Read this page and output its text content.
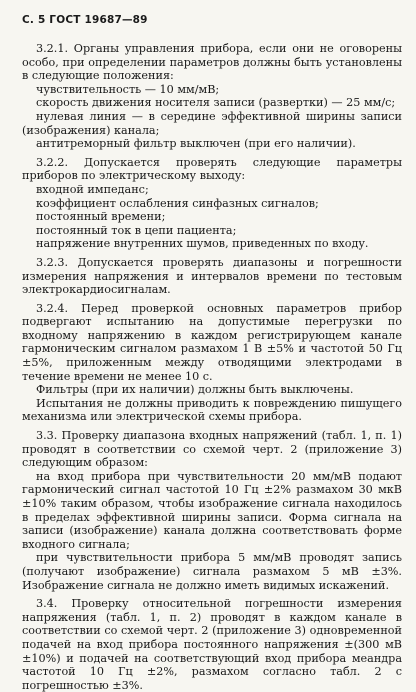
С. 5 ГОСТ 19687—89

3.2.1. Органы управления прибора, если они не оговорены особо, при определении параметров должны быть установлены в следующие положения:

чувствительность — 10 мм/мВ;

скорость движения носителя записи (развертки) — 25 мм/с;

нулевая линия — в середине эффективной ширины записи (изображения) канала;

антитреморный фильтр выключен (при его наличии).

3.2.2. Допускается проверять следующие параметры приборов по электрическому выходу:

входной импеданс;

коэффициент ослабления синфазных сигналов;

постоянный времени;

постоянный ток в цепи пациента;

напряжение внутренних шумов, приведенных по входу.

3.2.3. Допускается проверять диапазоны и погрешности измерения напряжения и интервалов времени по тестовым электрокардиосигналам.

3.2.4. Перед проверкой основных параметров прибор подвергают испытанию на допустимые перегрузки по входному напряжению в каждом регистрирующем канале гармоническим сигналом размахом 1 В ±5% и частотой 50 Гц ±5%, приложенным между отводящими электродами в течение времени не менее 10 с.

Фильтры (при их наличии) должны быть выключены.

Испытания не должны приводить к повреждению пишущего механизма или электрической схемы прибора.

3.3. Проверку диапазона входных напряжений (табл. 1, п. 1) проводят в соответствии со схемой черт. 2 (приложение 3) следующим образом:

на вход прибора при чувствительности 20 мм/мВ подают гармонический сигнал частотой 10 Гц ±2% размахом 30 мкВ ±10% таким образом, чтобы изображение сигнала находилось в пределах эффективной ширины записи. Форма сигнала на записи (изображение) канала должна соответствовать форме входного сигнала;

при чувствительности прибора 5 мм/мВ проводят запись (получают изображение) сигнала размахом 5 мВ ±3%. Изображение сигнала не должно иметь видимых искажений.

3.4. Проверку относительной погрешности измерения напряжения (табл. 1, п. 2) проводят в каждом канале в соответствии со схемой черт. 2 (приложение 3) одновременной подачей на вход прибора постоянного напряжения ±(300 мВ ±10%) и подачей на соответствующий вход прибора меандра частотой 10 Гц ±2%, размахом согласно табл. 2 с погрешностью ±3%.
